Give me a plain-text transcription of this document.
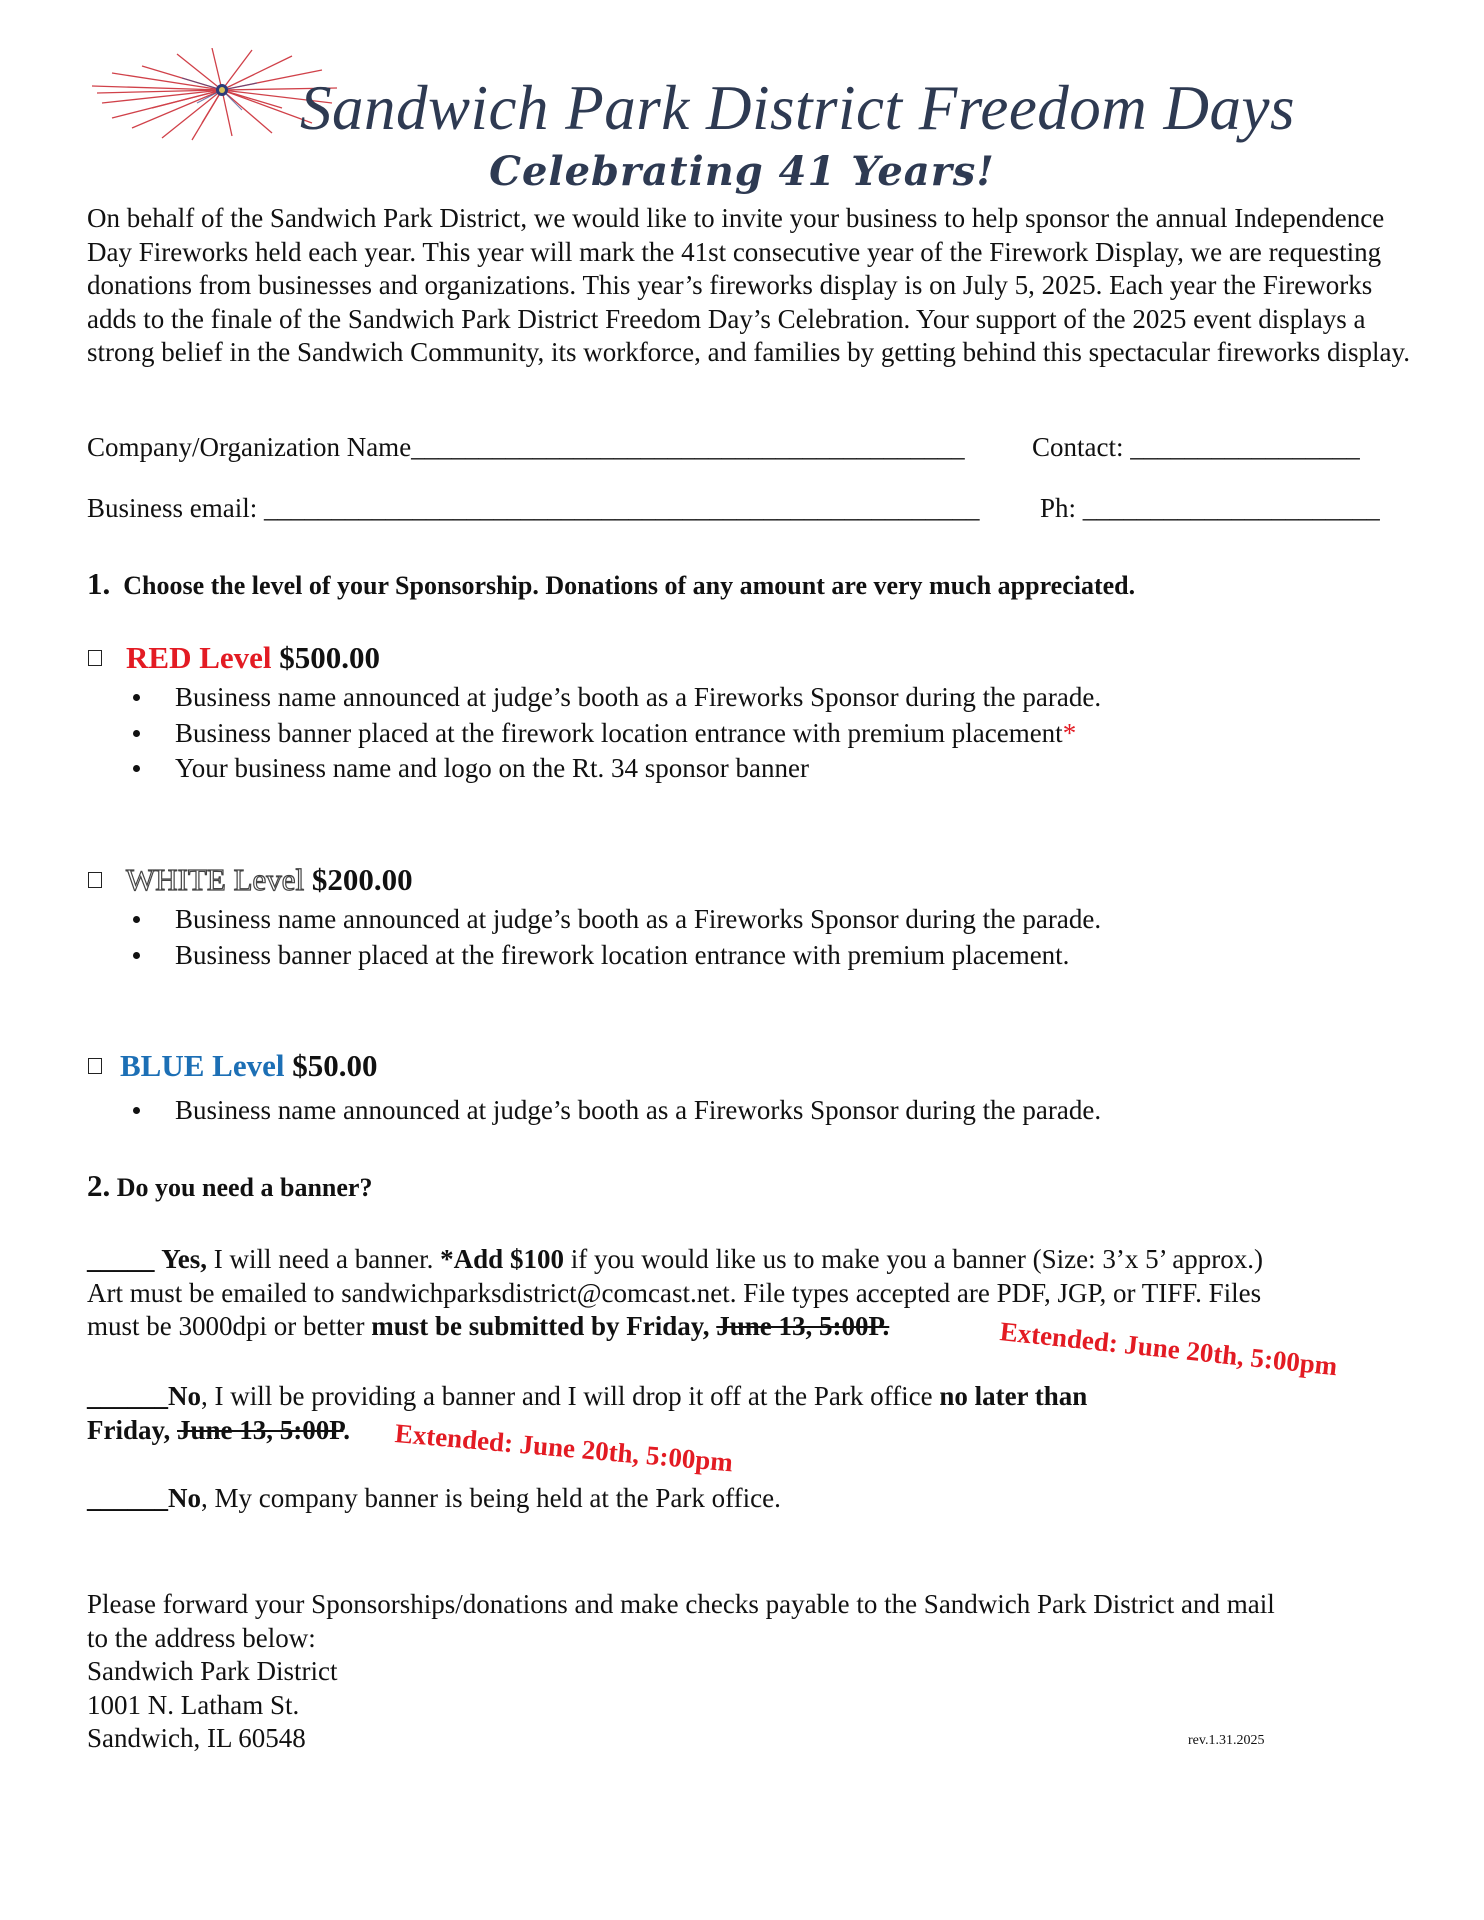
Sandwich Park District Freedom Days
Celebrating 41 Years!

On behalf of the Sandwich Park District, we would like to invite your business to help sponsor the annual Independence Day Fireworks held each year. This year will mark the 41st consecutive year of the Firework Display, we are requesting donations from businesses and organizations. This year’s fireworks display is on July 5, 2025. Each year the Fireworks adds to the finale of the Sandwich Park District Freedom Day’s Celebration. Your support of the 2025 event displays a strong belief in the Sandwich Community, its workforce, and families by getting behind this spectacular fireworks display.

Company/Organization Name_________________________________________ Contact: _________________
Business email: _____________________________________________________ Ph: ______________________
1. Choose the level of your Sponsorship. Donations of any amount are very much appreciated.
RED Level
$500.00
Business name announced at judge’s booth as a Fireworks Sponsor during the parade.
Business banner placed at the firework location entrance with premium placement*
Your business name and logo on the Rt. 34 sponsor banner
WHITE Level
$200.00
Business name announced at judge’s booth as a Fireworks Sponsor during the parade.
Business banner placed at the firework location entrance with premium placement.
BLUE Level
$50.00
Business name announced at judge’s booth as a Fireworks Sponsor during the parade.
2. Do you need a banner?
_____ Yes, I will need a banner. *Add $100 if you would like us to make you a banner (Size: 3’x 5’ approx.)
Art must be emailed to sandwichparksdistrict@comcast.net. File types accepted are PDF, JGP, or TIFF. Files
must be 3000dpi or better must be submitted by Friday, June 13, 5:00P.	Extended: June 20th, 5:00pm
______No, I will be providing a banner and I will drop it off at the Park office no later than
Friday, June 13, 5:00P.	Extended: June 20th, 5:00pm
______No, My company banner is being held at the Park office.
Please forward your Sponsorships/donations and make checks payable to the Sandwich Park District and mail
to the address below:
Sandwich Park District
1001 N. Latham St.
Sandwich, IL 60548	rev.1.31.2025
